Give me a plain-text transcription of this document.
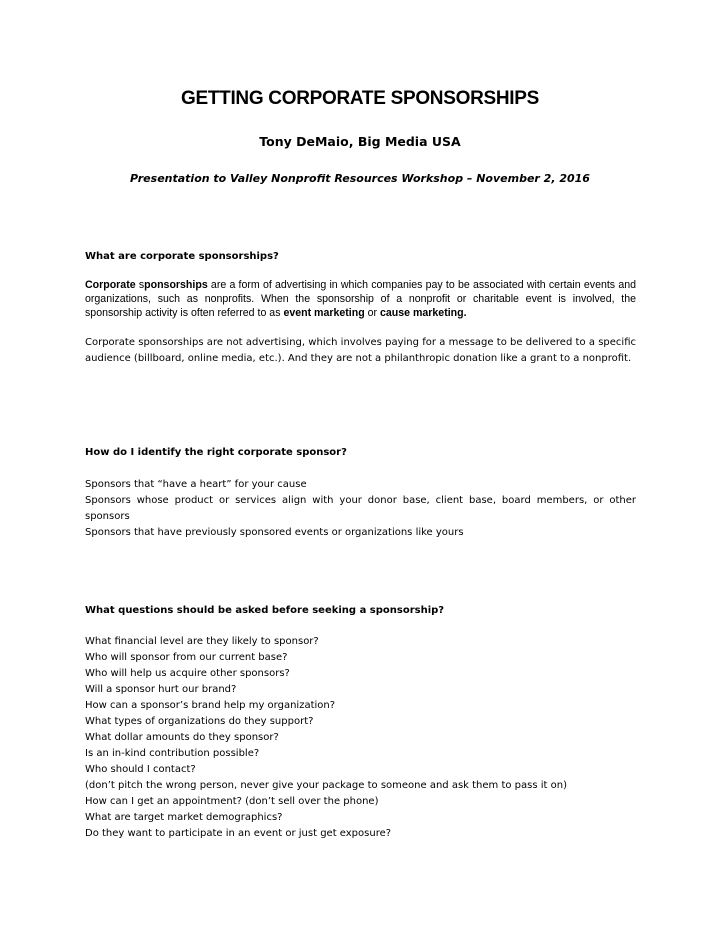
GETTING CORPORATE SPONSORSHIPS
Tony DeMaio, Big Media USA
Presentation to Valley Nonprofit Resources Workshop – November 2, 2016
What are corporate sponsorships?
Corporate sponsorships are a form of advertising in which companies pay to be associated with certain events and organizations, such as nonprofits. When the sponsorship of a nonprofit or charitable event is involved, the sponsorship activity is often referred to as event marketing or cause marketing.
Corporate sponsorships are not advertising, which involves paying for a message to be delivered to a specific audience (billboard, online media, etc.). And they are not a philanthropic donation like a grant to a nonprofit.
How do I identify the right corporate sponsor?
Sponsors that “have a heart” for your cause
Sponsors whose product or services align with your donor base, client base, board members, or other sponsors
Sponsors that have previously sponsored events or organizations like yours
What questions should be asked before seeking a sponsorship?
What financial level are they likely to sponsor?
Who will sponsor from our current base?
Who will help us acquire other sponsors?
Will a sponsor hurt our brand?
How can a sponsor’s brand help my organization?
What types of organizations do they support?
What dollar amounts do they sponsor?
Is an in-kind contribution possible?
Who should I contact?
(don’t pitch the wrong person, never give your package to someone and ask them to pass it on)
How can I get an appointment? (don’t sell over the phone)
What are target market demographics?
Do they want to participate in an event or just get exposure?
